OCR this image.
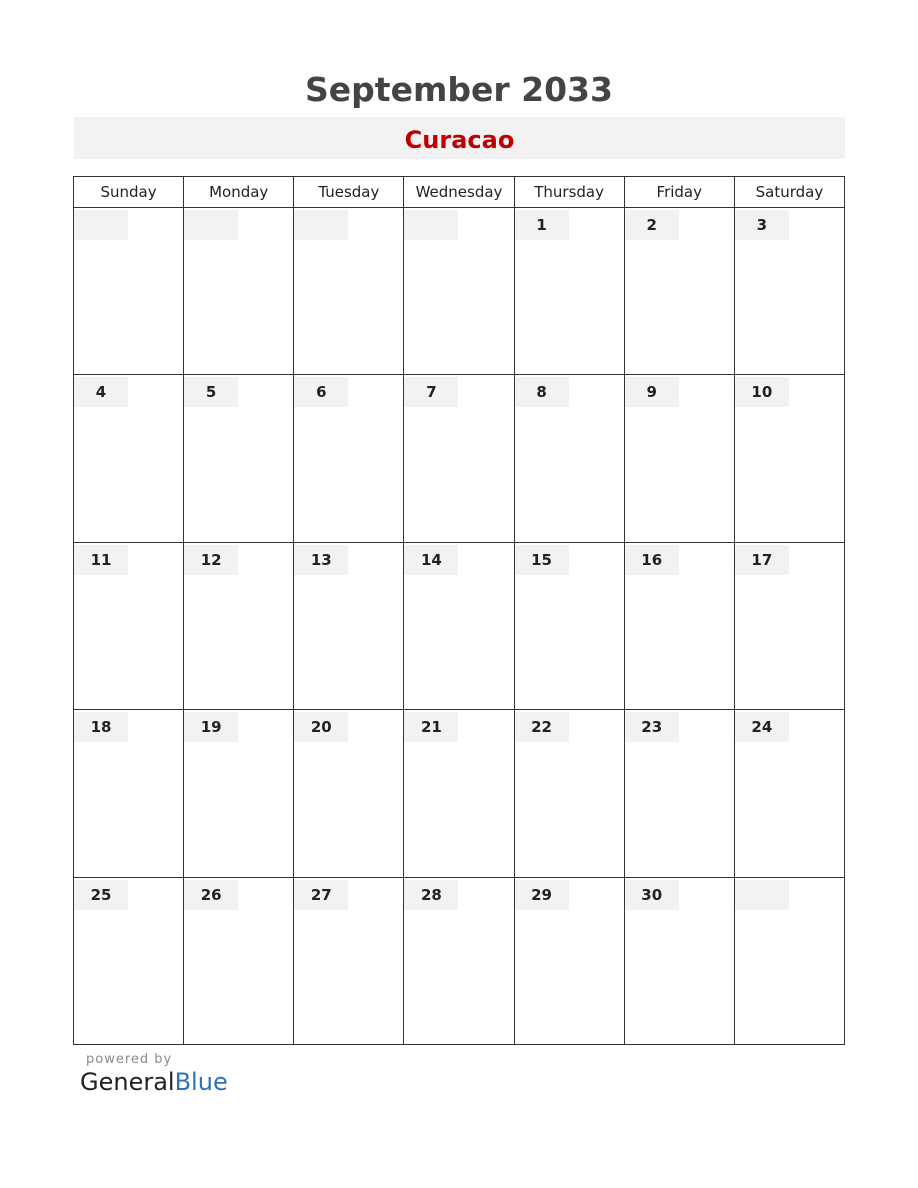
September 2033
Curacao
Sunday	Monday	Tuesday	Wednesday	Thursday	Friday	Saturday

				1	2	3

4	5	6	7	8	9	10

11	12	13	14	15	16	17

18	19	20	21	22	23	24

25	26	27	28	29	30	

powered by
GeneralBlue
